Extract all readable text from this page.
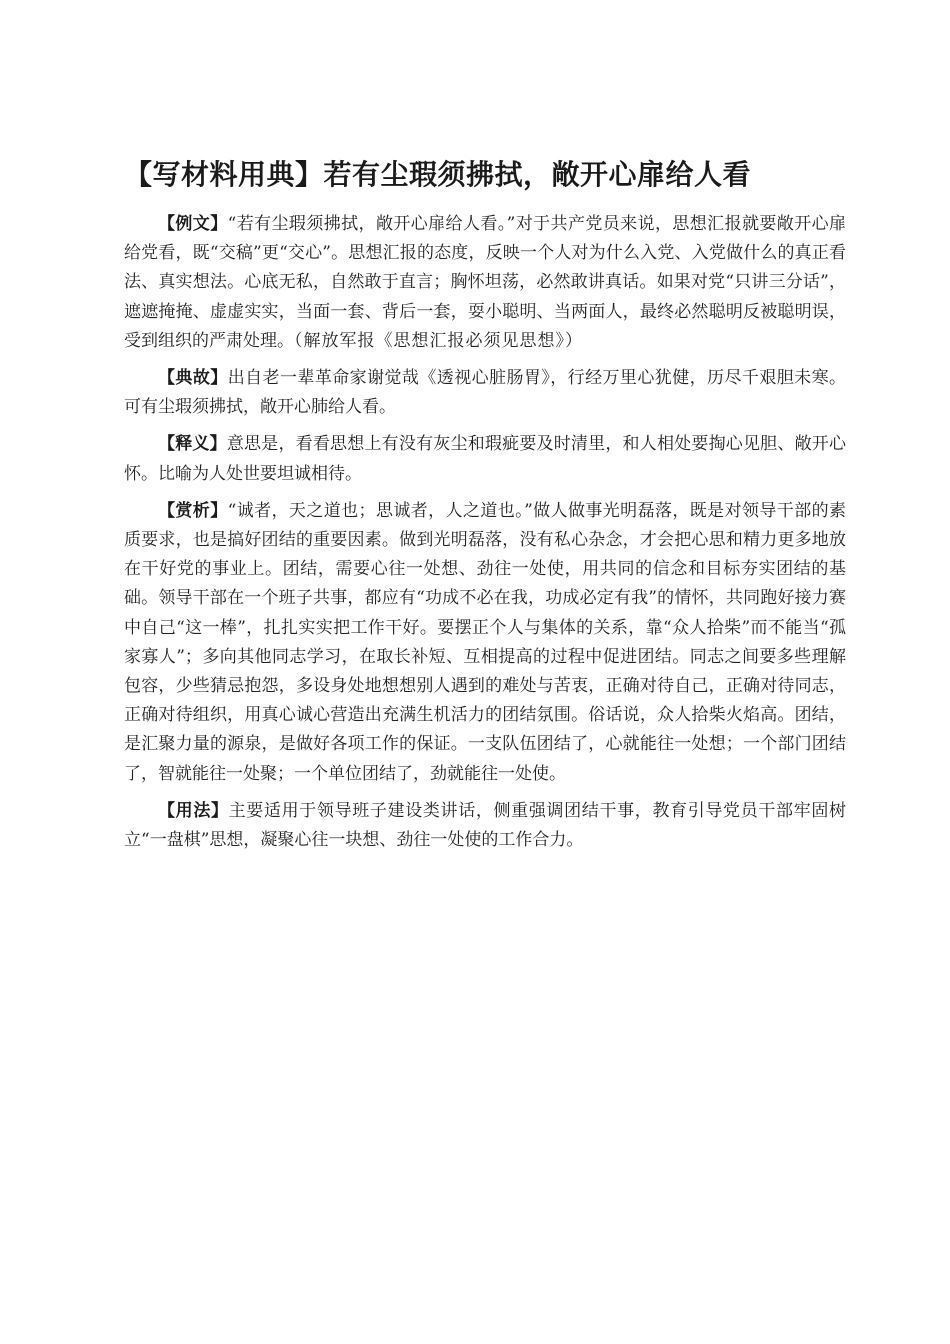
【写材料用典】若有尘瑕须拂拭，敞开心扉给人看

【例文】“若有尘瑕须拂拭，敞开心扉给人看。”对于共产党员来说，思想汇报就要敞开心扉给党看，既“交稿”更“交心”。思想汇报的态度，反映一个人对为什么入党、入党做什么的真正看法、真实想法。心底无私，自然敢于直言；胸怀坦荡，必然敢讲真话。如果对党“只讲三分话”，遮遮掩掩、虚虚实实，当面一套、背后一套，耍小聪明、当两面人，最终必然聪明反被聪明误，受到组织的严肃处理。（解放军报《思想汇报必须见思想》）

【典故】出自老一辈革命家谢觉哉《透视心脏肠胃》，行经万里心犹健，历尽千艰胆未寒。可有尘瑕须拂拭，敞开心肺给人看。

【释义】意思是，看看思想上有没有灰尘和瑕疵要及时清里，和人相处要掏心见胆、敞开心怀。比喻为人处世要坦诚相待。

【赏析】“诚者，天之道也；思诚者，人之道也。”做人做事光明磊落，既是对领导干部的素质要求，也是搞好团结的重要因素。做到光明磊落，没有私心杂念，才会把心思和精力更多地放在干好党的事业上。团结，需要心往一处想、劲往一处使，用共同的信念和目标夯实团结的基础。领导干部在一个班子共事，都应有“功成不必在我，功成必定有我”的情怀，共同跑好接力赛中自己“这一棒”，扎扎实实把工作干好。要摆正个人与集体的关系，靠“众人拾柴”而不能当“孤家寡人”；多向其他同志学习，在取长补短、互相提高的过程中促进团结。同志之间要多些理解包容，少些猜忌抱怨，多设身处地想想别人遇到的难处与苦衷，正确对待自己，正确对待同志，正确对待组织，用真心诚心营造出充满生机活力的团结氛围。俗话说，众人拾柴火焰高。团结，是汇聚力量的源泉，是做好各项工作的保证。一支队伍团结了，心就能往一处想；一个部门团结了，智就能往一处聚；一个单位团结了，劲就能往一处使。

【用法】主要适用于领导班子建设类讲话，侧重强调团结干事，教育引导党员干部牢固树立“一盘棋”思想，凝聚心往一块想、劲往一处使的工作合力。
